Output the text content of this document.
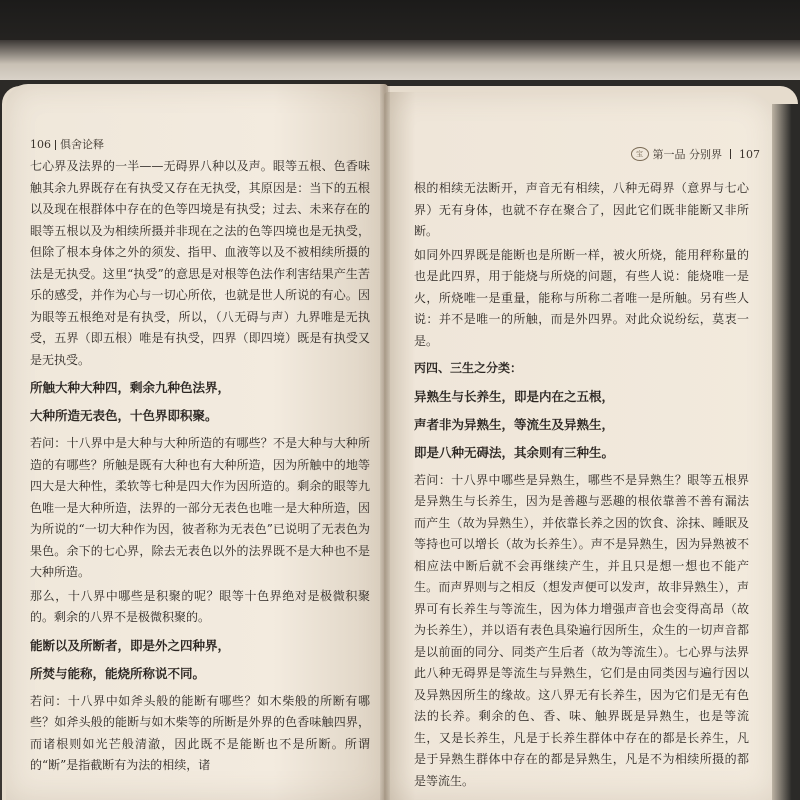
106 俱舍论释
宝 第一品 分别界 107

七心界及法界的一半——无碍界八种以及声。眼等五根、色香味触其余九界既存在有执受又存在无执受，其原因是：当下的五根以及现在根群体中存在的色等四境是有执受；过去、未来存在的眼等五根以及为相续所摄并非现在之法的色等四境也是无执受，但除了根本身体之外的须发、指甲、血液等以及不被相续所摄的法是无执受。这里“执受”的意思是对根等色法作利害结果产生苦乐的感受，并作为心与一切心所依，也就是世人所说的有心。因为眼等五根绝对是有执受，所以，（八无碍与声）九界唯是无执受，五界（即五根）唯是有执受，四界（即四境）既是有执受又是无执受。

所触大种大种四，剩余九种色法界，

大种所造无表色，十色界即积聚。

若问：十八界中是大种与大种所造的有哪些？不是大种与大种所造的有哪些？所触是既有大种也有大种所造，因为所触中的地等四大是大种性，柔软等七种是四大作为因所造的。剩余的眼等九色唯一是大种所造，法界的一部分无表色也唯一是大种所造，因为所说的“一切大种作为因，彼者称为无表色”已说明了无表色为果色。余下的七心界，除去无表色以外的法界既不是大种也不是大种所造。

那么，十八界中哪些是积聚的呢？眼等十色界绝对是极微积聚的。剩余的八界不是极微积聚的。

能断以及所断者，即是外之四种界，

所焚与能称，能烧所称说不同。

若问：十八界中如斧头般的能断有哪些？如木柴般的所断有哪些？如斧头般的能断与如木柴等的所断是外界的色香味触四界，而诸根则如光芒般清澈，因此既不是能断也不是所断。所谓的“断”是指截断有为法的相续，诸

根的相续无法断开，声音无有相续，八种无碍界（意界与七心界）无有身体，也就不存在聚合了，因此它们既非能断又非所断。

如同外四界既是能断也是所断一样，被火所烧，能用秤称量的也是此四界，用于能烧与所烧的问题，有些人说：能烧唯一是火，所烧唯一是重量，能称与所称二者唯一是所触。另有些人说：并不是唯一的所触，而是外四界。对此众说纷纭，莫衷一是。

丙四、三生之分类：

异熟生与长养生，即是内在之五根，

声者非为异熟生，等流生及异熟生，

即是八种无碍法，其余则有三种生。

若问：十八界中哪些是异熟生，哪些不是异熟生？眼等五根界是异熟生与长养生，因为是善趣与恶趣的根依靠善不善有漏法而产生（故为异熟生），并依靠长养之因的饮食、涂抹、睡眠及等持也可以增长（故为长养生）。声不是异熟生，因为异熟被不相应法中断后就不会再继续产生，并且只是想一想也不能产生。而声界则与之相反（想发声便可以发声，故非异熟生），声界可有长养生与等流生，因为体力增强声音也会变得高昂（故为长养生），并以语有表色具染遍行因所生，众生的一切声音都是以前面的同分、同类产生后者（故为等流生）。七心界与法界此八种无碍界是等流生与异熟生，它们是由同类因与遍行因以及异熟因所生的缘故。这八界无有长养生，因为它们是无有色法的长养。剩余的色、香、味、触界既是异熟生，也是等流生，又是长养生，凡是于长养生群体中存在的都是长养生，凡是于异熟生群体中存在的都是异熟生，凡是不为相续所摄的都是等流生。
